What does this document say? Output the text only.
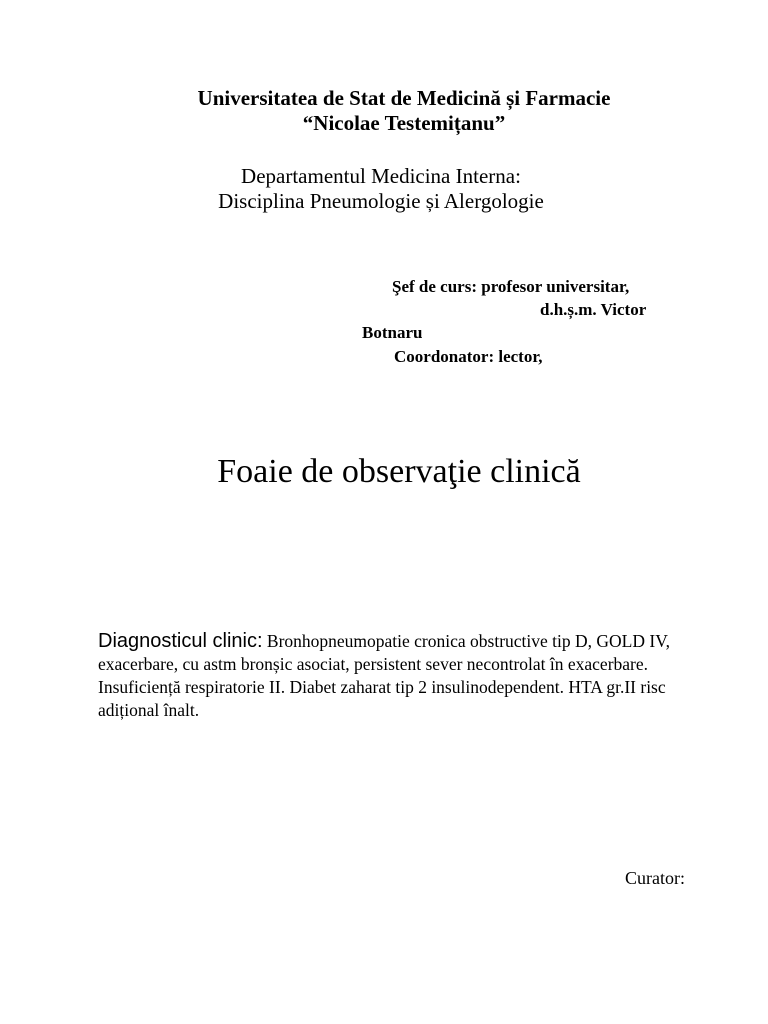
Universitatea de Stat de Medicină și Farmacie
“Nicolae Testemițanu”
Departamentul Medicina Interna:
Disciplina Pneumologie și Alergologie
Şef de curs: profesor universitar,
d.h.ș.m. Victor
Botnaru
Coordonator: lector,
Foaie de observaţie clinică
Diagnosticul clinic: Bronhopneumopatie cronica obstructive tip D, GOLD IV, exacerbare, cu astm bronșic asociat, persistent sever necontrolat în exacerbare. Insuficiență respiratorie II. Diabet zaharat tip 2 insulinodependent. HTA gr.II risc adițional înalt.
Curator:
